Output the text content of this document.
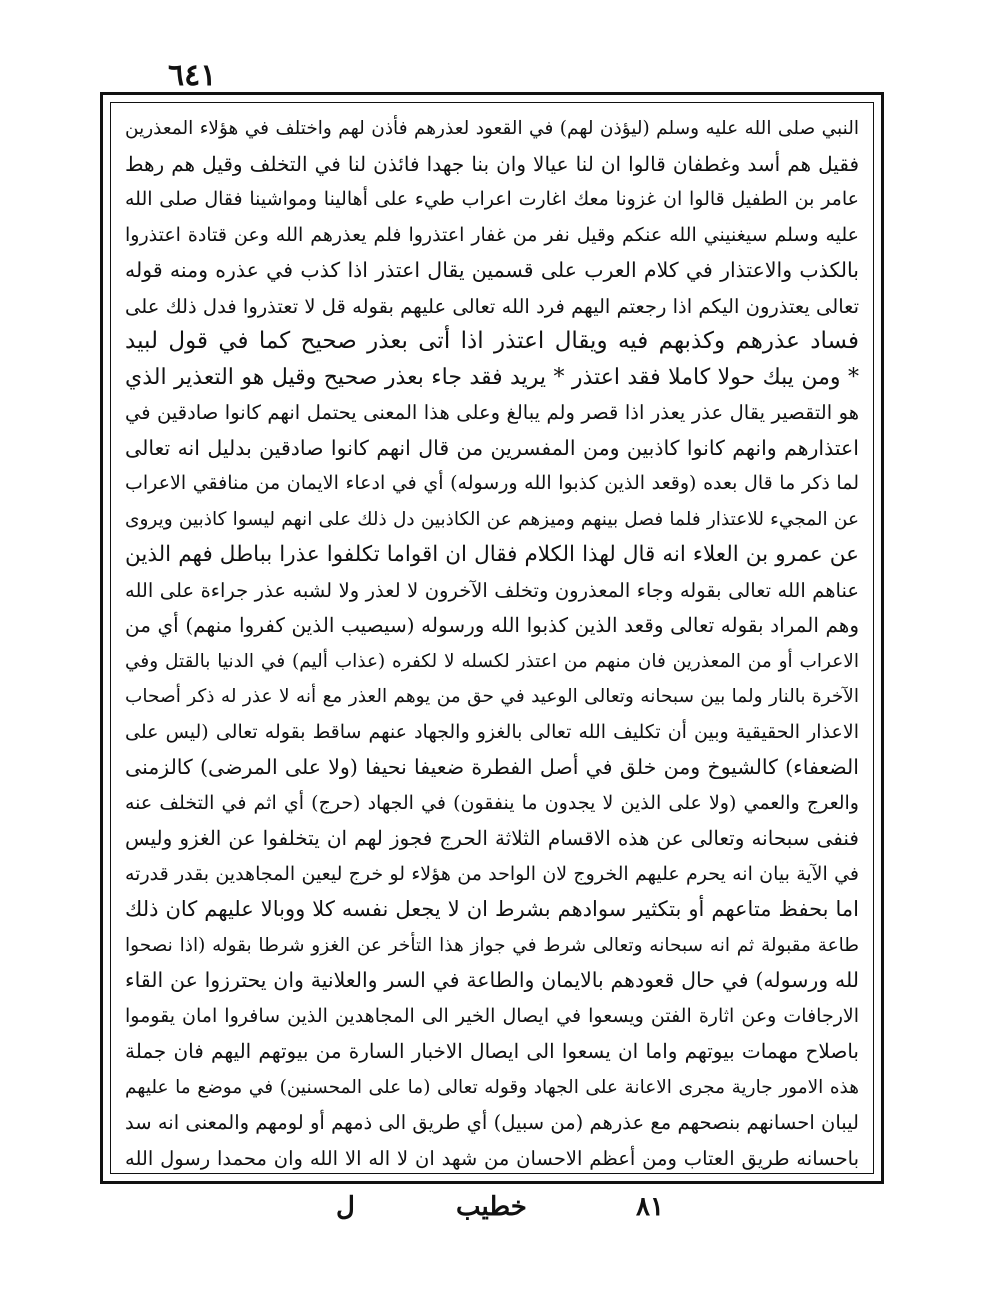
٦٤١
النبي صلى الله عليه وسلم (ليؤذن لهم) في القعود لعذرهم فأذن لهم واختلف في هؤلاء المعذرين
فقيل هم أسد وغطفان قالوا ان لنا عيالا وان بنا جهدا فائذن لنا في التخلف وقيل هم رهط
عامر بن الطفيل قالوا ان غزونا معك اغارت اعراب طيء على أهالينا ومواشينا فقال صلى الله
عليه وسلم سيغنيني الله عنكم وقيل نفر من غفار اعتذروا فلم يعذرهم الله وعن قتادة اعتذروا
بالكذب والاعتذار في كلام العرب على قسمين يقال اعتذر اذا كذب في عذره ومنه قوله
تعالى يعتذرون اليكم اذا رجعتم اليهم فرد الله تعالى عليهم بقوله قل لا تعتذروا فدل ذلك على
فساد عذرهم وكذبهم فيه ويقال اعتذر اذا أتى بعذر صحيح كما في قول لبيد
* ومن يبك حولا كاملا فقد اعتذر * يريد فقد جاء بعذر صحيح وقيل هو التعذير الذي
هو التقصير يقال عذر يعذر اذا قصر ولم يبالغ وعلى هذا المعنى يحتمل انهم كانوا صادقين في
اعتذارهم وانهم كانوا كاذبين ومن المفسرين من قال انهم كانوا صادقين بدليل انه تعالى
لما ذكر ما قال بعده (وقعد الذين كذبوا الله ورسوله) أي في ادعاء الايمان من منافقي الاعراب
عن المجيء للاعتذار فلما فصل بينهم وميزهم عن الكاذبين دل ذلك على انهم ليسوا كاذبين ويروى
عن عمرو بن العلاء انه قال لهذا الكلام فقال ان اقواما تكلفوا عذرا بباطل فهم الذين
عناهم الله تعالى بقوله وجاء المعذرون وتخلف الآخرون لا لعذر ولا لشبه عذر جراءة على الله
وهم المراد بقوله تعالى وقعد الذين كذبوا الله ورسوله (سيصيب الذين كفروا منهم) أي من
الاعراب أو من المعذرين فان منهم من اعتذر لكسله لا لكفره (عذاب أليم) في الدنيا بالقتل وفي
الآخرة بالنار ولما بين سبحانه وتعالى الوعيد في حق من يوهم العذر مع أنه لا عذر له ذكر أصحاب
الاعذار الحقيقية وبين أن تكليف الله تعالى بالغزو والجهاد عنهم ساقط بقوله تعالى (ليس على
الضعفاء) كالشيوخ ومن خلق في أصل الفطرة ضعيفا نحيفا (ولا على المرضى) كالزمنى
والعرج والعمي (ولا على الذين لا يجدون ما ينفقون) في الجهاد (حرج) أي اثم في التخلف عنه
فنفى سبحانه وتعالى عن هذه الاقسام الثلاثة الحرج فجوز لهم ان يتخلفوا عن الغزو وليس
في الآية بيان انه يحرم عليهم الخروج لان الواحد من هؤلاء لو خرج ليعين المجاهدين بقدر قدرته
اما بحفظ متاعهم أو بتكثير سوادهم بشرط ان لا يجعل نفسه كلا ووبالا عليهم كان ذلك
طاعة مقبولة ثم انه سبحانه وتعالى شرط في جواز هذا التأخر عن الغزو شرطا بقوله (اذا نصحوا
لله ورسوله) في حال قعودهم بالايمان والطاعة في السر والعلانية وان يحترزوا عن القاء
الارجافات وعن اثارة الفتن ويسعوا في ايصال الخير الى المجاهدين الذين سافروا امان يقوموا
باصلاح مهمات بيوتهم واما ان يسعوا الى ايصال الاخبار السارة من بيوتهم اليهم فان جملة
هذه الامور جارية مجرى الاعانة على الجهاد وقوله تعالى (ما على المحسنين) في موضع ما عليهم
ليبان احسانهم بنصحهم مع عذرهم (من سبيل) أي طريق الى ذمهم أو لومهم والمعنى انه سد
باحسانه طريق العتاب ومن أعظم الاحسان من شهد ان لا اله الا الله وان محمدا رسول الله
٨١
خطيب
ل
